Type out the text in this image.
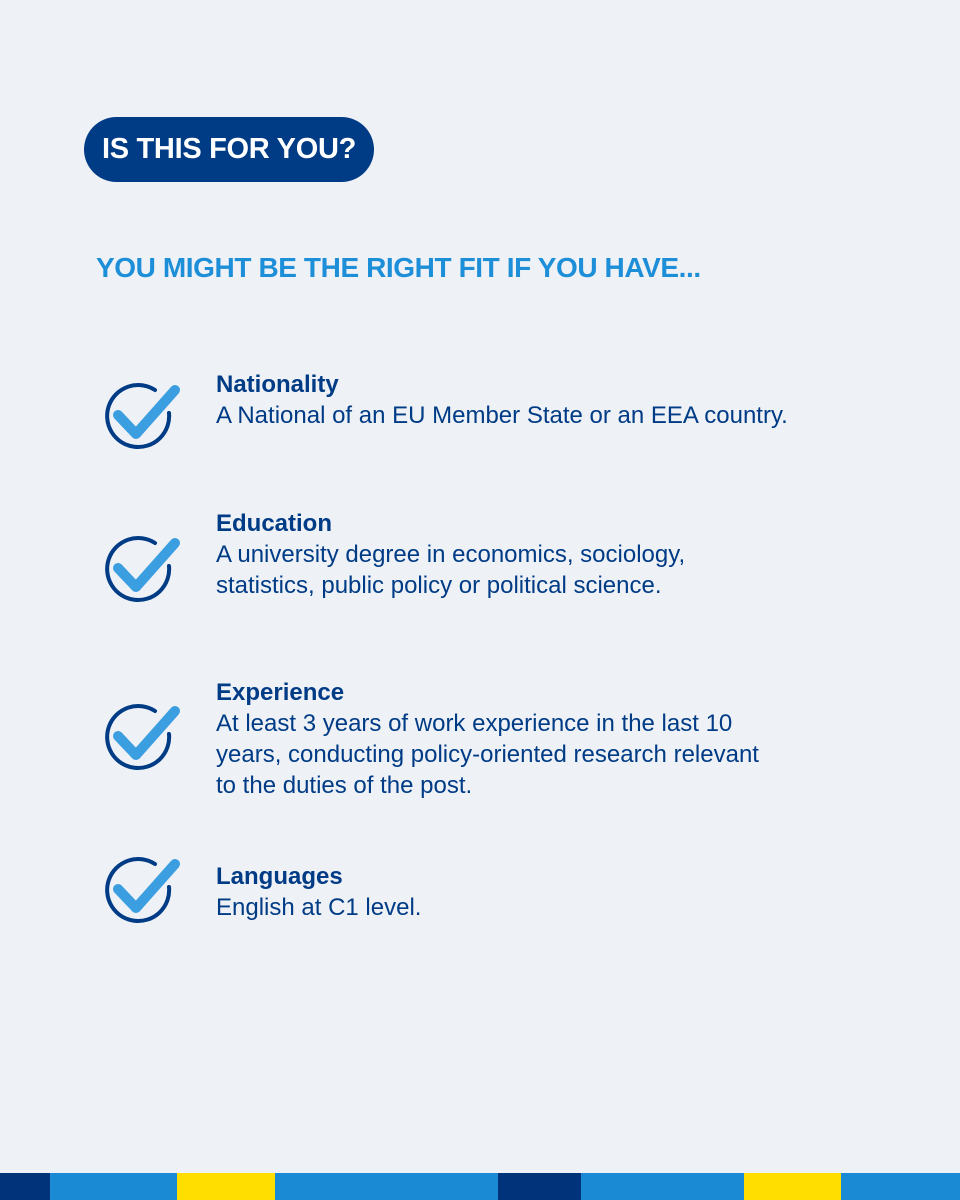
IS THIS FOR YOU?
YOU MIGHT BE THE RIGHT FIT IF YOU HAVE...

Nationality

A National of an EU Member State or an EEA country.

Education

A university degree in economics, sociology,
statistics, public policy or political science.

Experience

At least 3 years of work experience in the last 10
years, conducting policy-oriented research relevant
to the duties of the post.

Languages

English at C1 level.
